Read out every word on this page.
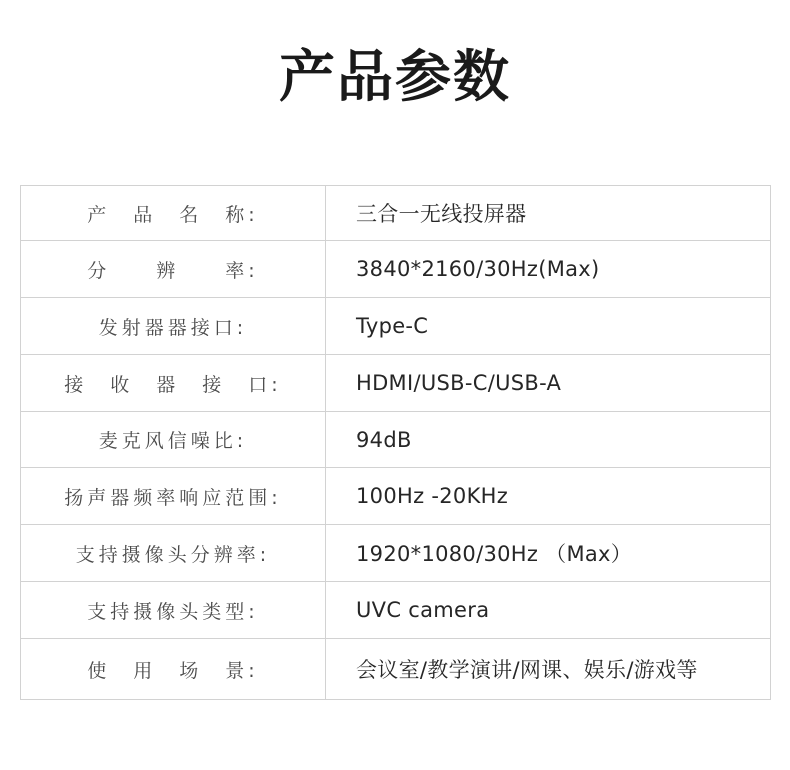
产品参数
产　品　名　称:	三合一无线投屏器
分　　辨　　率:	3840*2160/30Hz(Max)
发射器器接口:	Type-C
接　收　器　接　口:	HDMI/USB-C/USB-A
麦克风信噪比:	94dB
扬声器频率响应范围:	100Hz -20KHz
支持摄像头分辨率:	1920*1080/30Hz （Max）
支持摄像头类型:	UVC camera
使　用　场　景:	会议室/教学演讲/网课、娱乐/游戏等
